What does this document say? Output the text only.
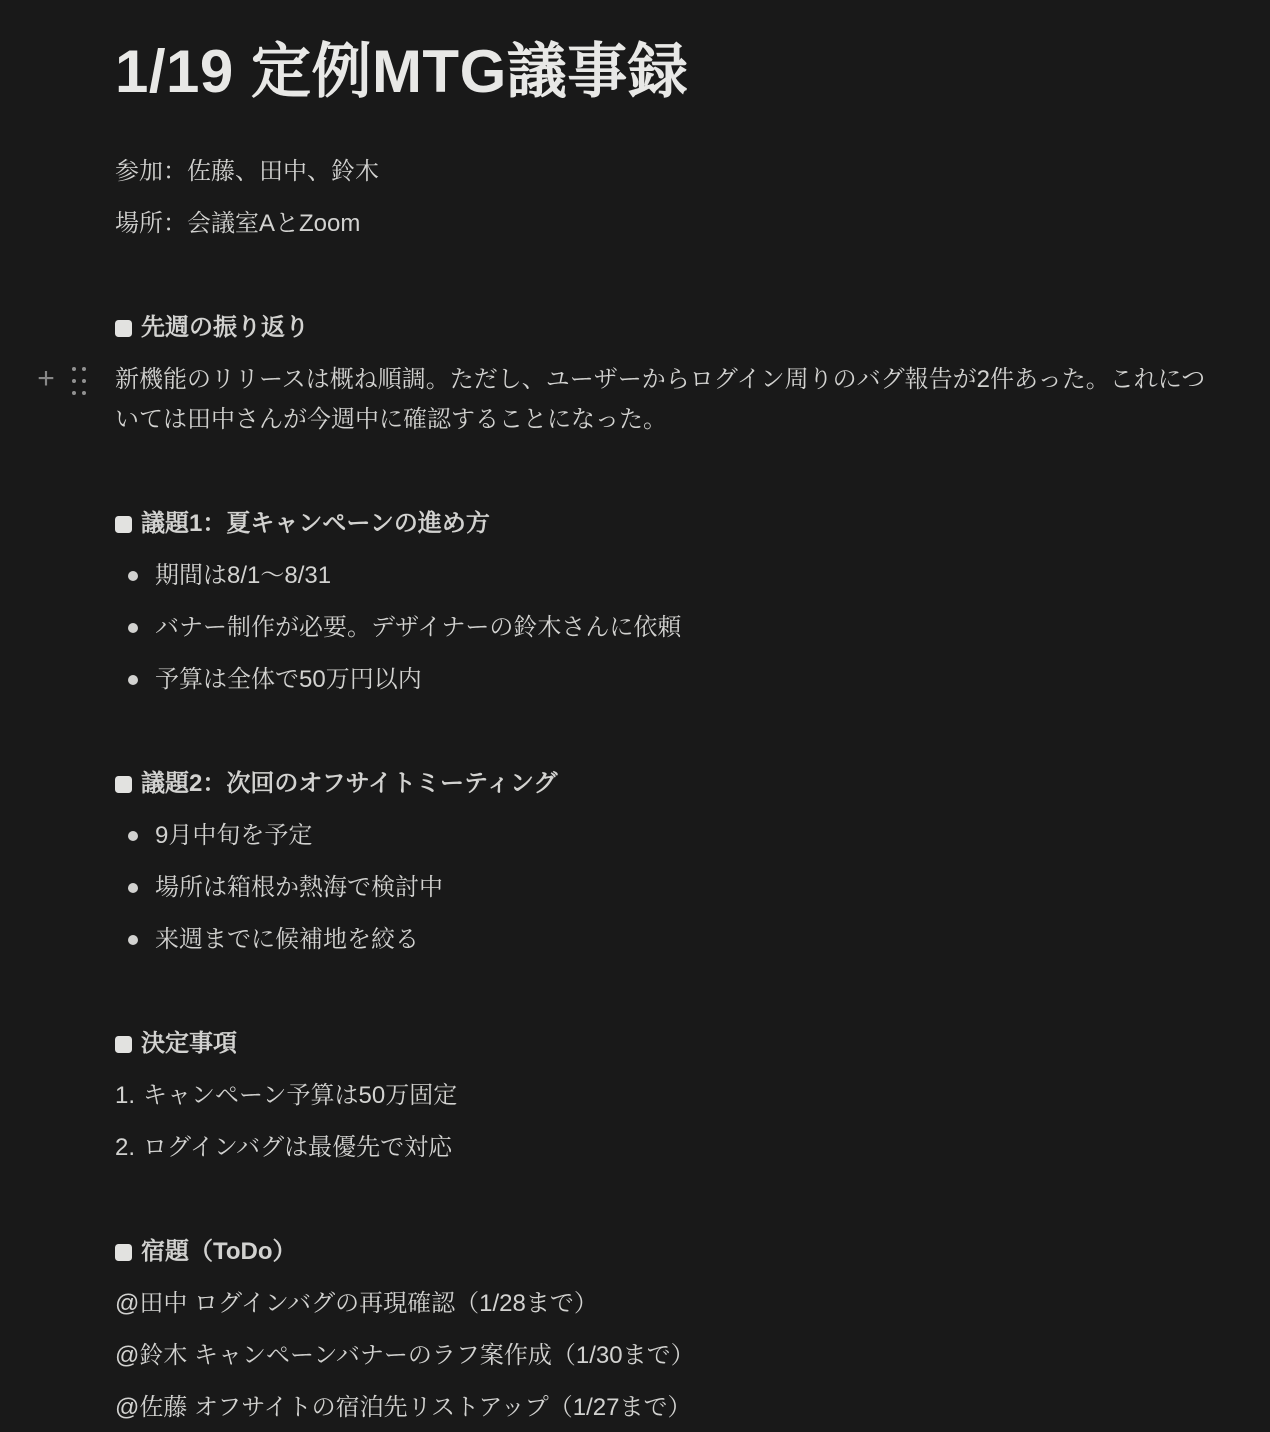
1/19 定例MTG議事録

参加：佐藤、田中、鈴木

場所：会議室AとZoom

先週の振り返り
+	新機能のリリースは概ね順調。ただし、ユーザーからログイン周りのバグ報告が2件あった。これについては田中さんが今週中に確認することになった。

議題1：夏キャンペーンの進め方
期間は8/1〜8/31
バナー制作が必要。デザイナーの鈴木さんに依頼
予算は全体で50万円以内
議題2：次回のオフサイトミーティング
9月中旬を予定
場所は箱根か熱海で検討中
来週までに候補地を絞る
決定事項
1. キャンペーン予算は50万固定
2. ログインバグは最優先で対応
宿題（ToDo）

@田中 ログインバグの再現確認（1/28まで）

@鈴木 キャンペーンバナーのラフ案作成（1/30まで）

@佐藤 オフサイトの宿泊先リストアップ（1/27まで）
